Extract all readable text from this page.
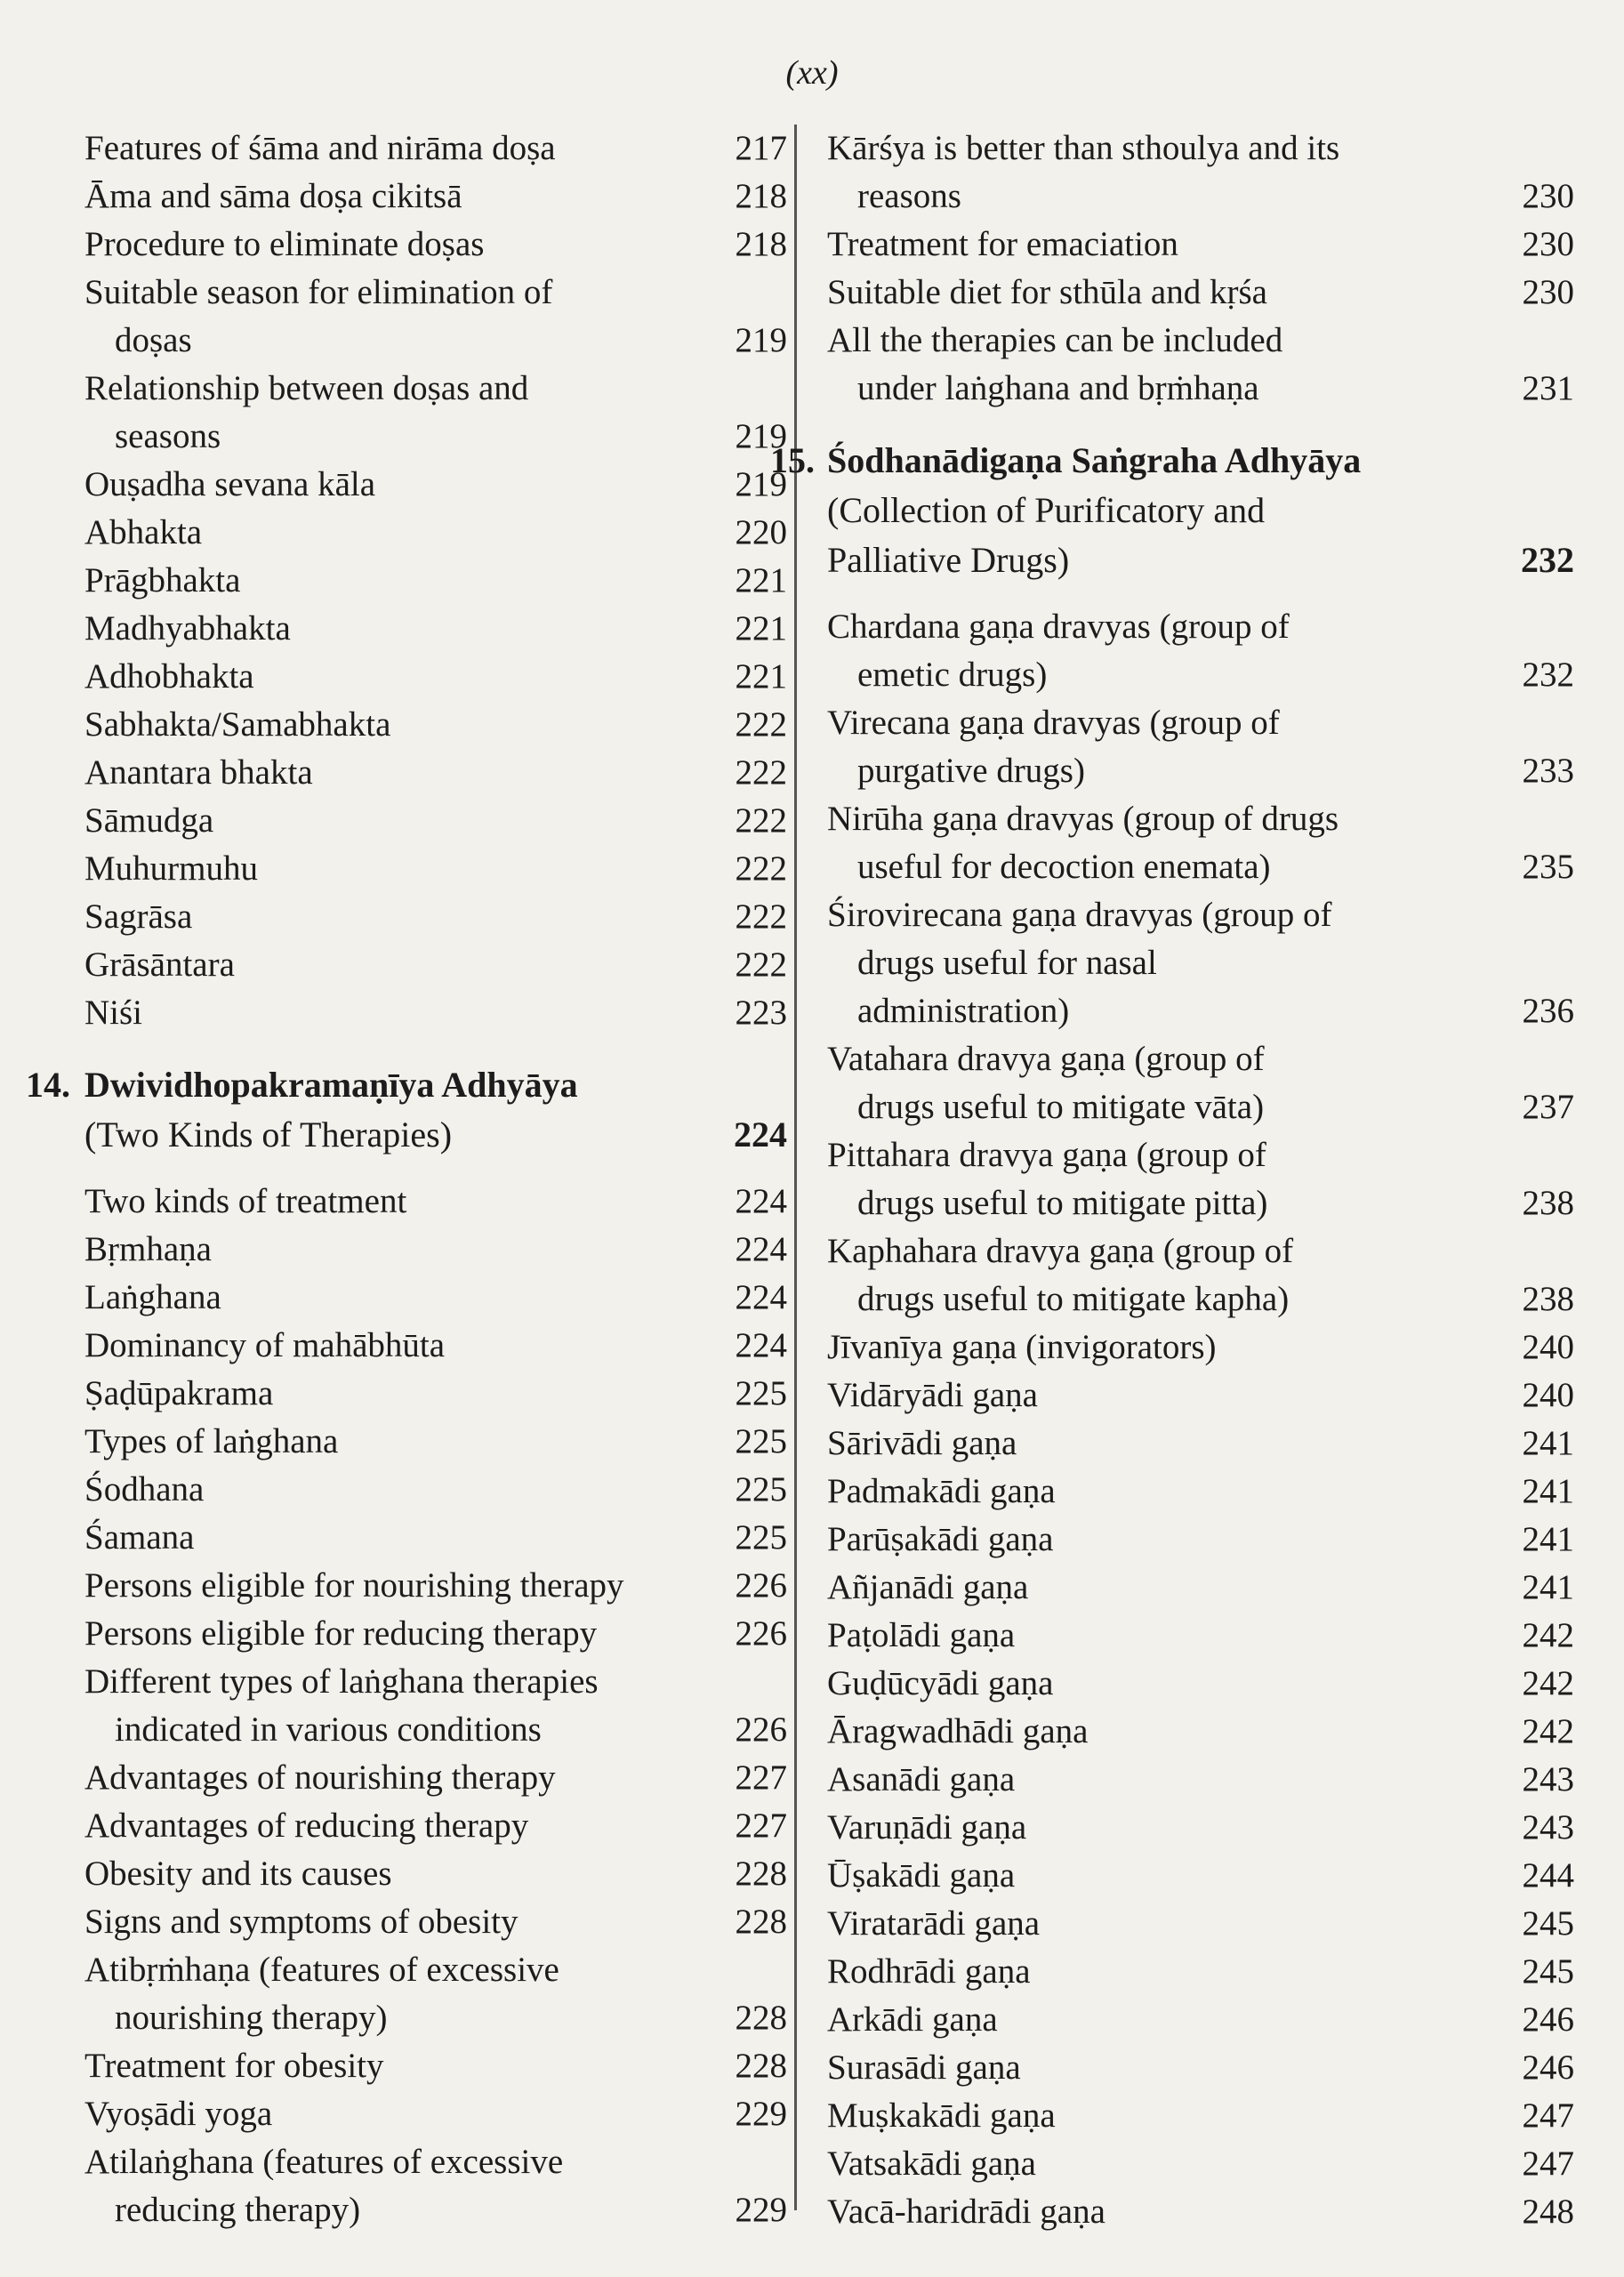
(xx)
Features of śāma and nirāma doṣa	217
Āma and sāma doṣa cikitsā	218
Procedure to eliminate doṣas	218
Suitable season for elimination of
doṣas	219
Relationship between doṣas and
seasons	219
Ouṣadha sevana kāla	219
Abhakta	220
Prāgbhakta	221
Madhyabhakta	221
Adhobhakta	221
Sabhakta/Samabhakta	222
Anantara bhakta	222
Sāmudga	222
Muhurmuhu	222
Sagrāsa	222
Grāsāntara	222
Niśi	223
14. Dwividhopakramaṇīya Adhyāya
(Two Kinds of Therapies)	224
Two kinds of treatment	224
Bṛmhaṇa	224
Laṅghana	224
Dominancy of mahābhūta	224
Ṣaḍūpakrama	225
Types of laṅghana	225
Śodhana	225
Śamana	225
Persons eligible for nourishing therapy	226
Persons eligible for reducing therapy	226
Different types of laṅghana therapies
indicated in various conditions	226
Advantages of nourishing therapy	227
Advantages of reducing therapy	227
Obesity and its causes	228
Signs and symptoms of obesity	228
Atibṛṁhaṇa (features of excessive
nourishing therapy)	228
Treatment for obesity	228
Vyoṣādi yoga	229
Atilaṅghana (features of excessive
reducing therapy)	229
Kārśya is better than sthoulya and its
reasons	230
Treatment for emaciation	230
Suitable diet for sthūla and kṛśa	230
All the therapies can be included
under laṅghana and bṛṁhaṇa	231
15. Śodhanādigaṇa Saṅgraha Adhyāya
(Collection of Purificatory and
Palliative Drugs)	232
Chardana gaṇa dravyas (group of
emetic drugs)	232
Virecana gaṇa dravyas (group of
purgative drugs)	233
Nirūha gaṇa dravyas (group of drugs
useful for decoction enemata)	235
Śirovirecana gaṇa dravyas (group of
drugs useful for nasal
administration)	236
Vatahara dravya gaṇa (group of
drugs useful to mitigate vāta)	237
Pittahara dravya gaṇa (group of
drugs useful to mitigate pitta)	238
Kaphahara dravya gaṇa (group of
drugs useful to mitigate kapha)	238
Jīvanīya gaṇa (invigorators)	240
Vidāryādi gaṇa	240
Sārivādi gaṇa	241
Padmakādi gaṇa	241
Parūṣakādi gaṇa	241
Añjanādi gaṇa	241
Paṭolādi gaṇa	242
Guḍūcyādi gaṇa	242
Āragwadhādi gaṇa	242
Asanādi gaṇa	243
Varuṇādi gaṇa	243
Ūṣakādi gaṇa	244
Viratarādi gaṇa	245
Rodhrādi gaṇa	245
Arkādi gaṇa	246
Surasādi gaṇa	246
Muṣkakādi gaṇa	247
Vatsakādi gaṇa	247
Vacā-haridrādi gaṇa	248
